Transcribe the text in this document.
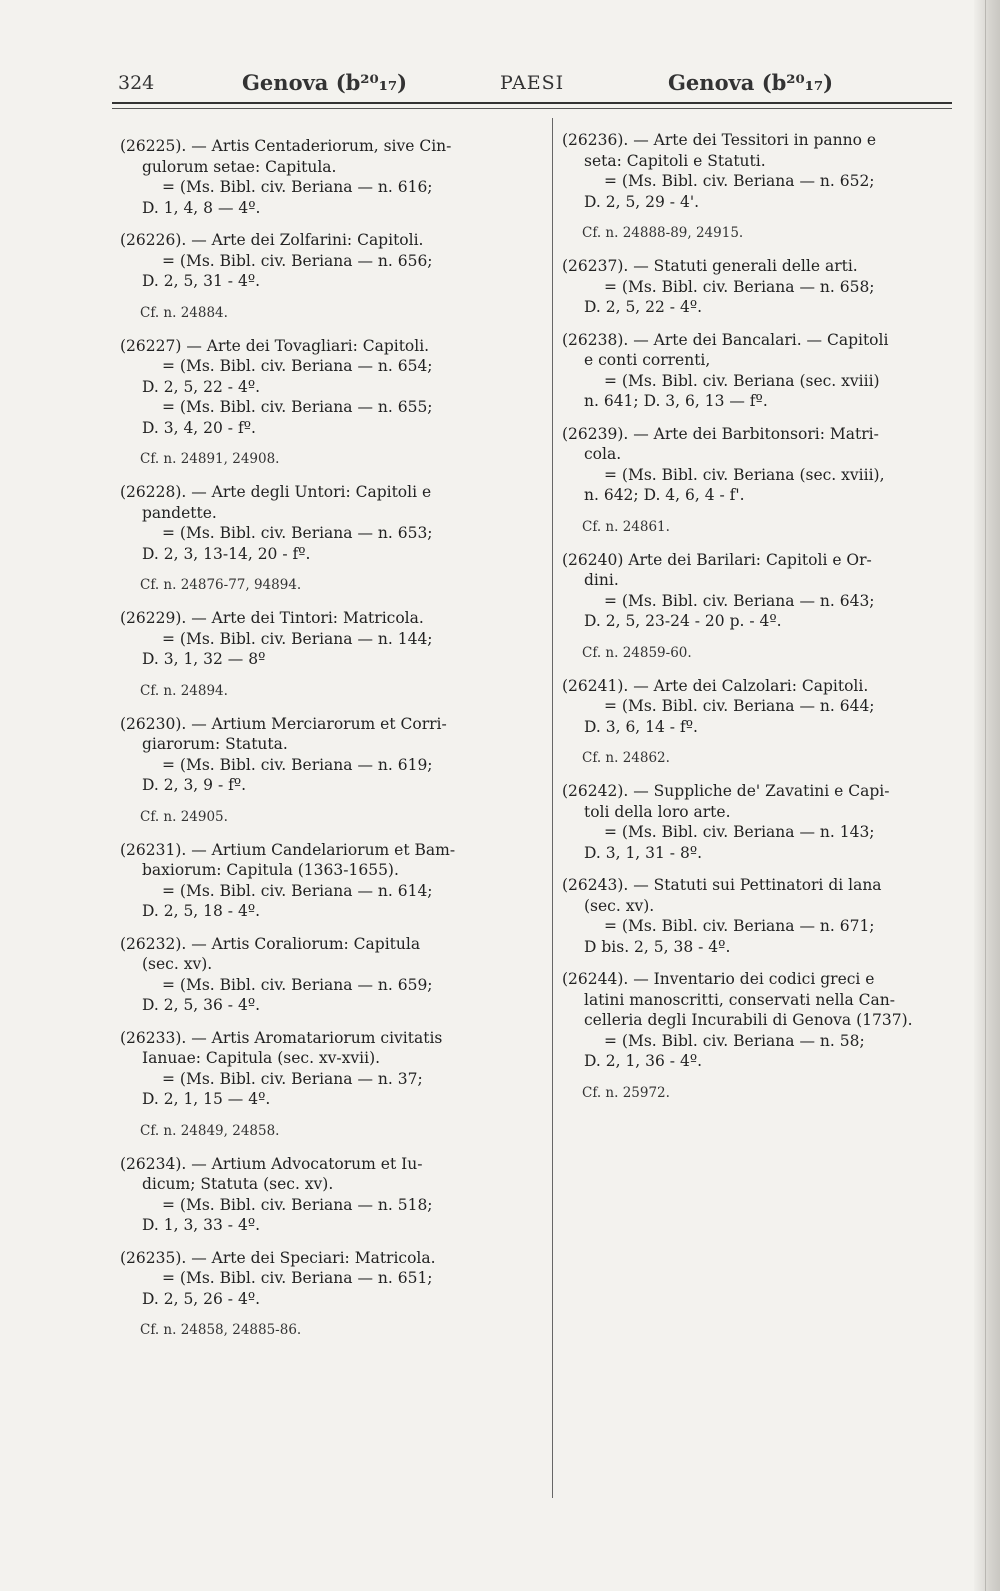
324	Genova (b²⁰₁₇)	PAESI	Genova (b²⁰₁₇)

(26225). — Artis Centaderiorum, sive Cin-

gulorum setae: Capitula.

= (Ms. Bibl. civ. Beriana — n. 616;

D. 1, 4, 8 — 4º.

(26226). — Arte dei Zolfarini: Capitoli.

= (Ms. Bibl. civ. Beriana — n. 656;

D. 2, 5, 31 - 4º.

Cf. n. 24884.

(26227) — Arte dei Tovagliari: Capitoli.

= (Ms. Bibl. civ. Beriana — n. 654;

D. 2, 5, 22 - 4º.

= (Ms. Bibl. civ. Beriana — n. 655;

D. 3, 4, 20 - fº.

Cf. n. 24891, 24908.

(26228). — Arte degli Untori: Capitoli e

pandette.

= (Ms. Bibl. civ. Beriana — n. 653;

D. 2, 3, 13-14, 20 - fº.

Cf. n. 24876-77, 94894.

(26229). — Arte dei Tintori: Matricola.

= (Ms. Bibl. civ. Beriana — n. 144;

D. 3, 1, 32 — 8º

Cf. n. 24894.

(26230). — Artium Merciarorum et Corri-

giarorum: Statuta.

= (Ms. Bibl. civ. Beriana — n. 619;

D. 2, 3, 9 - fº.

Cf. n. 24905.

(26231). — Artium Candelariorum et Bam-

baxiorum: Capitula (1363-1655).

= (Ms. Bibl. civ. Beriana — n. 614;

D. 2, 5, 18 - 4º.

(26232). — Artis Coraliorum: Capitula

(sec. xv).

= (Ms. Bibl. civ. Beriana — n. 659;

D. 2, 5, 36 - 4º.

(26233). — Artis Aromatariorum civitatis

Ianuae: Capitula (sec. xv-xvii).

= (Ms. Bibl. civ. Beriana — n. 37;

D. 2, 1, 15 — 4º.

Cf. n. 24849, 24858.

(26234). — Artium Advocatorum et Iu-

dicum; Statuta (sec. xv).

= (Ms. Bibl. civ. Beriana — n. 518;

D. 1, 3, 33 - 4º.

(26235). — Arte dei Speciari: Matricola.

= (Ms. Bibl. civ. Beriana — n. 651;

D. 2, 5, 26 - 4º.

Cf. n. 24858, 24885-86.

(26236). — Arte dei Tessitori in panno e

seta: Capitoli e Statuti.

= (Ms. Bibl. civ. Beriana — n. 652;

D. 2, 5, 29 - 4'.

Cf. n. 24888-89, 24915.

(26237). — Statuti generali delle arti.

= (Ms. Bibl. civ. Beriana — n. 658;

D. 2, 5, 22 - 4º.

(26238). — Arte dei Bancalari. — Capitoli

e conti correnti,

= (Ms. Bibl. civ. Beriana (sec. xviii)

n. 641; D. 3, 6, 13 — fº.

(26239). — Arte dei Barbitonsori: Matri-

cola.

= (Ms. Bibl. civ. Beriana (sec. xviii),

n. 642; D. 4, 6, 4 - f'.

Cf. n. 24861.

(26240) Arte dei Barilari: Capitoli e Or-

dini.

= (Ms. Bibl. civ. Beriana — n. 643;

D. 2, 5, 23-24 - 20 p. - 4º.

Cf. n. 24859-60.

(26241). — Arte dei Calzolari: Capitoli.

= (Ms. Bibl. civ. Beriana — n. 644;

D. 3, 6, 14 - fº.

Cf. n. 24862.

(26242). — Suppliche de' Zavatini e Capi-

toli della loro arte.

= (Ms. Bibl. civ. Beriana — n. 143;

D. 3, 1, 31 - 8º.

(26243). — Statuti sui Pettinatori di lana

(sec. xv).

= (Ms. Bibl. civ. Beriana — n. 671;

D bis. 2, 5, 38 - 4º.

(26244). — Inventario dei codici greci e

latini manoscritti, conservati nella Can-

celleria degli Incurabili di Genova (1737).

= (Ms. Bibl. civ. Beriana — n. 58;

D. 2, 1, 36 - 4º.

Cf. n. 25972.
